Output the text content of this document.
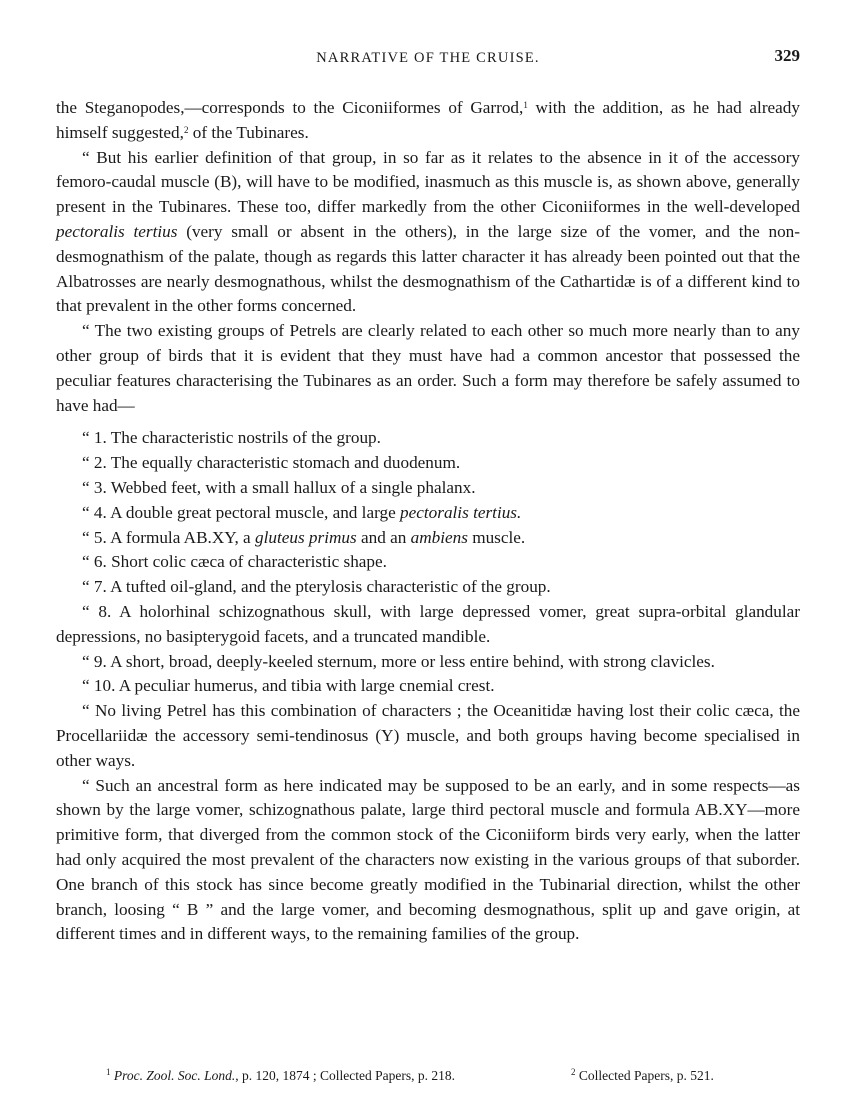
NARRATIVE OF THE CRUISE.	329

the Steganopodes,—corresponds to the Ciconiiformes of Garrod,$^1$ with the addition, as he had already himself suggested,$^2$ of the Tubinares.

“ But his earlier definition of that group, in so far as it relates to the absence in it of the accessory femoro-caudal muscle (B), will have to be modified, inasmuch as this muscle is, as shown above, generally present in the Tubinares. These too, differ markedly from the other Ciconiiformes in the well-developed pectoralis tertius (very small or absent in the others), in the large size of the vomer, and the non-desmognathism of the palate, though as regards this latter character it has already been pointed out that the Albatrosses are nearly desmognathous, whilst the desmognathism of the Cathartidæ is of a different kind to that prevalent in the other forms concerned.

“ The two existing groups of Petrels are clearly related to each other so much more nearly than to any other group of birds that it is evident that they must have had a common ancestor that possessed the peculiar features characterising the Tubinares as an order. Such a form may therefore be safely assumed to have had—

“ 1. The characteristic nostrils of the group.

“ 2. The equally characteristic stomach and duodenum.

“ 3. Webbed feet, with a small hallux of a single phalanx.

“ 4. A double great pectoral muscle, and large pectoralis tertius.

“ 5. A formula AB.XY, a gluteus primus and an ambiens muscle.

“ 6. Short colic cæca of characteristic shape.

“ 7. A tufted oil-gland, and the pterylosis characteristic of the group.

“ 8. A holorhinal schizognathous skull, with large depressed vomer, great supra-orbital glandular depressions, no basipterygoid facets, and a truncated mandible.

“ 9. A short, broad, deeply-keeled sternum, more or less entire behind, with strong clavicles.

“ 10. A peculiar humerus, and tibia with large cnemial crest.

“ No living Petrel has this combination of characters ; the Oceanitidæ having lost their colic cæca, the Procellariidæ the accessory semi-tendinosus (Y) muscle, and both groups having become specialised in other ways.

“ Such an ancestral form as here indicated may be supposed to be an early, and in some respects—as shown by the large vomer, schizognathous palate, large third pectoral muscle and formula AB.XY—more primitive form, that diverged from the common stock of the Ciconiiform birds very early, when the latter had only acquired the most prevalent of the characters now existing in the various groups of that suborder. One branch of this stock has since become greatly modified in the Tubinarial direction, whilst the other branch, loosing “ B ” and the large vomer, and becoming desmognathous, split up and gave origin, at different times and in different ways, to the remaining families of the group.

$^1$ Proc. Zool. Soc. Lond., p. 120, 1874 ; Collected Papers, p. 218.	$^2$ Collected Papers, p. 521.
